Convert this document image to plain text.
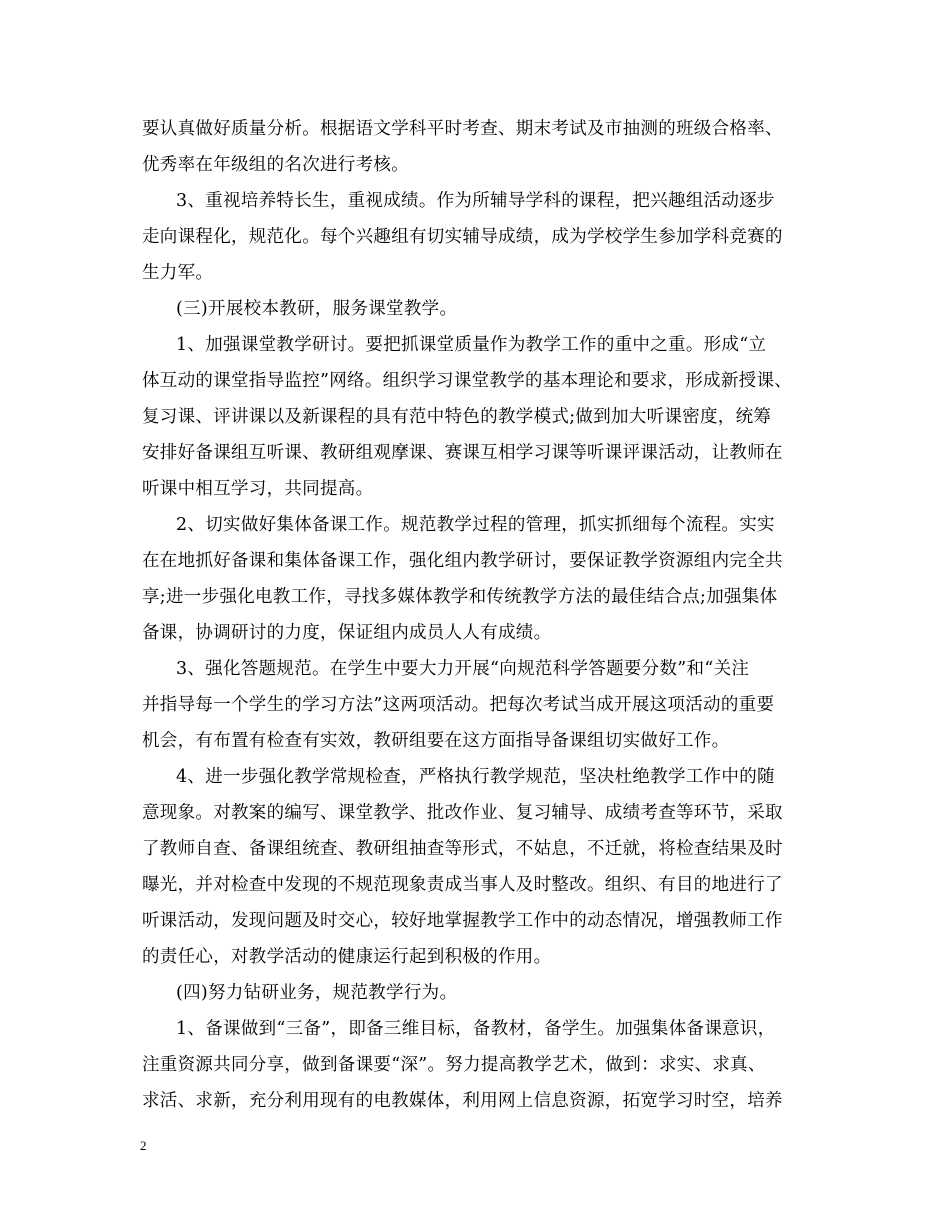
要认真做好质量分析。根据语文学科平时考查、期末考试及市抽测的班级合格率、
优秀率在年级组的名次进行考核。
3、重视培养特长生，重视成绩。作为所辅导学科的课程，把兴趣组活动逐步
走向课程化，规范化。每个兴趣组有切实辅导成绩，成为学校学生参加学科竞赛的
生力军。
(三)开展校本教研，服务课堂教学。
1、加强课堂教学研讨。要把抓课堂质量作为教学工作的重中之重。形成“立
体互动的课堂指导监控”网络。组织学习课堂教学的基本理论和要求，形成新授课、
复习课、评讲课以及新课程的具有范中特色的教学模式;做到加大听课密度，统筹
安排好备课组互听课、教研组观摩课、赛课互相学习课等听课评课活动，让教师在
听课中相互学习，共同提高。
2、切实做好集体备课工作。规范教学过程的管理，抓实抓细每个流程。实实
在在地抓好备课和集体备课工作，强化组内教学研讨，要保证教学资源组内完全共
享;进一步强化电教工作，寻找多媒体教学和传统教学方法的最佳结合点;加强集体
备课，协调研讨的力度，保证组内成员人人有成绩。
3、强化答题规范。在学生中要大力开展“向规范科学答题要分数”和“关注
并指导每一个学生的学习方法”这两项活动。把每次考试当成开展这项活动的重要
机会，有布置有检查有实效，教研组要在这方面指导备课组切实做好工作。
4、进一步强化教学常规检查，严格执行教学规范，坚决杜绝教学工作中的随
意现象。对教案的编写、课堂教学、批改作业、复习辅导、成绩考查等环节，采取
了教师自查、备课组统查、教研组抽查等形式，不姑息，不迁就，将检查结果及时
曝光，并对检查中发现的不规范现象责成当事人及时整改。组织、有目的地进行了
听课活动，发现问题及时交心，较好地掌握教学工作中的动态情况，增强教师工作
的责任心，对教学活动的健康运行起到积极的作用。
(四)努力钻研业务，规范教学行为。
1、备课做到“三备”，即备三维目标，备教材，备学生。加强集体备课意识，
注重资源共同分享，做到备课要“深”。努力提高教学艺术，做到：求实、求真、
求活、求新，充分利用现有的电教媒体，利用网上信息资源，拓宽学习时空，培养
2
